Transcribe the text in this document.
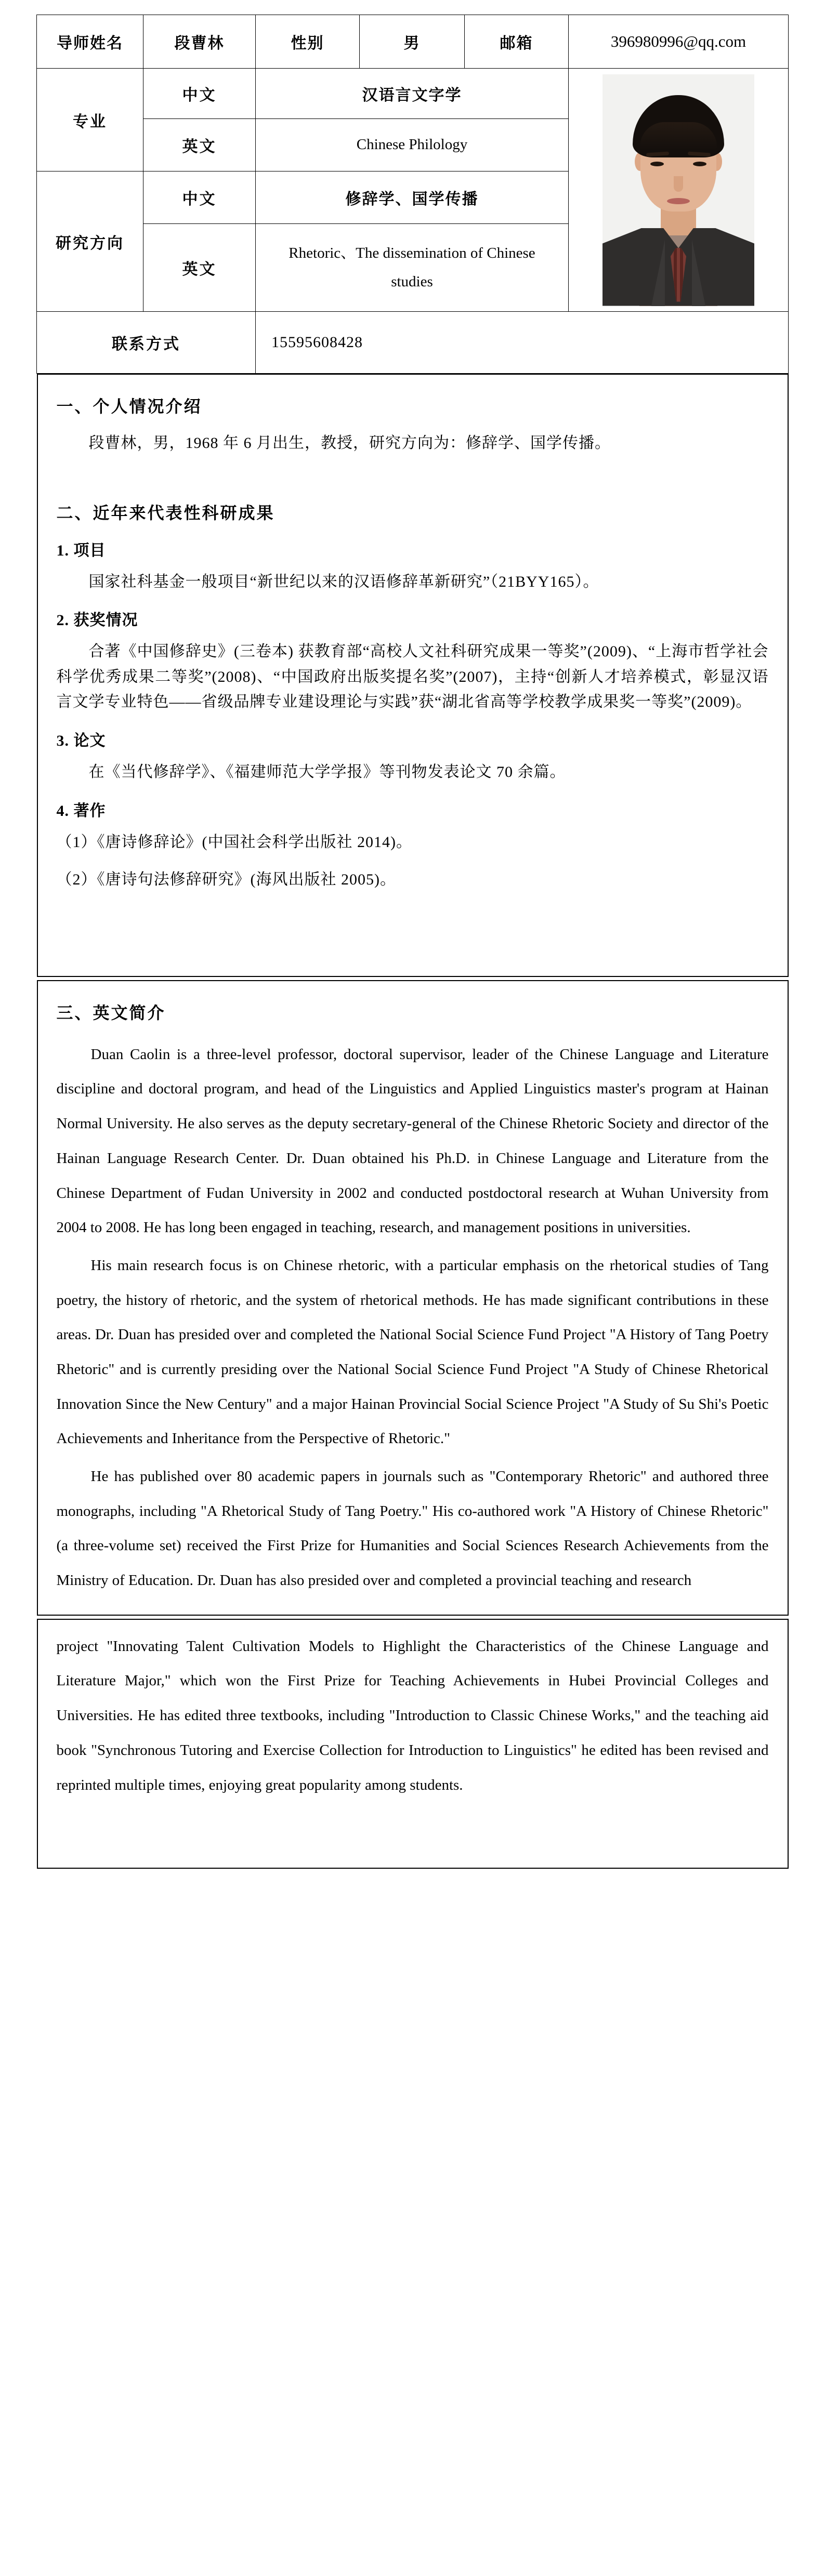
导师姓名	段曹林	性别	男	邮箱	396980996@qq.com
专业	中文	汉语言文字学			

	英文	Chinese Philology			
研究方向	中文	修辞学、国学传播			
	英文	Rhetoric、The dissemination of Chinese studies			
联系方式		15595608428			
一、个人情况介绍

段曹林，男，1968 年 6 月出生，教授，研究方向为：修辞学、国学传播。

二、近年来代表性科研成果

1. 项目

国家社科基金一般项目“新世纪以来的汉语修辞革新研究”（21BYY165）。

2. 获奖情况

合著《中国修辞史》(三卷本) 获教育部“高校人文社科研究成果一等奖”(2009)、“上海市哲学社会科学优秀成果二等奖”(2008)、“中国政府出版奖提名奖”(2007)，主持“创新人才培养模式，彰显汉语言文学专业特色——省级品牌专业建设理论与实践”获“湖北省高等学校教学成果奖一等奖”(2009)。

3. 论文

在《当代修辞学》、《福建师范大学学报》等刊物发表论文 70 余篇。

4. 著作

（1）《唐诗修辞论》(中国社会科学出版社 2014)。

（2）《唐诗句法修辞研究》(海风出版社 2005)。

三、英文简介

Duan Caolin is a three-level professor, doctoral supervisor, leader of the Chinese Language and Literature discipline and doctoral program, and head of the Linguistics and Applied Linguistics master's program at Hainan Normal University. He also serves as the deputy secretary-general of the Chinese Rhetoric Society and director of the Hainan Language Research Center. Dr. Duan obtained his Ph.D. in Chinese Language and Literature from the Chinese Department of Fudan University in 2002 and conducted postdoctoral research at Wuhan University from 2004 to 2008. He has long been engaged in teaching, research, and management positions in universities.

His main research focus is on Chinese rhetoric, with a particular emphasis on the rhetorical studies of Tang poetry, the history of rhetoric, and the system of rhetorical methods. He has made significant contributions in these areas. Dr. Duan has presided over and completed the National Social Science Fund Project "A History of Tang Poetry Rhetoric" and is currently presiding over the National Social Science Fund Project "A Study of Chinese Rhetorical Innovation Since the New Century" and a major Hainan Provincial Social Science Project "A Study of Su Shi's Poetic Achievements and Inheritance from the Perspective of Rhetoric."

He has published over 80 academic papers in journals such as "Contemporary Rhetoric" and authored three monographs, including "A Rhetorical Study of Tang Poetry." His co-authored work "A History of Chinese Rhetoric" (a three-volume set) received the First Prize for Humanities and Social Sciences Research Achievements from the Ministry of Education. Dr. Duan has also presided over and completed a provincial teaching and research

project "Innovating Talent Cultivation Models to Highlight the Characteristics of the Chinese Language and Literature Major," which won the First Prize for Teaching Achievements in Hubei Provincial Colleges and Universities. He has edited three textbooks, including "Introduction to Classic Chinese Works," and the teaching aid book "Synchronous Tutoring and Exercise Collection for Introduction to Linguistics" he edited has been revised and reprinted multiple times, enjoying great popularity among students.
